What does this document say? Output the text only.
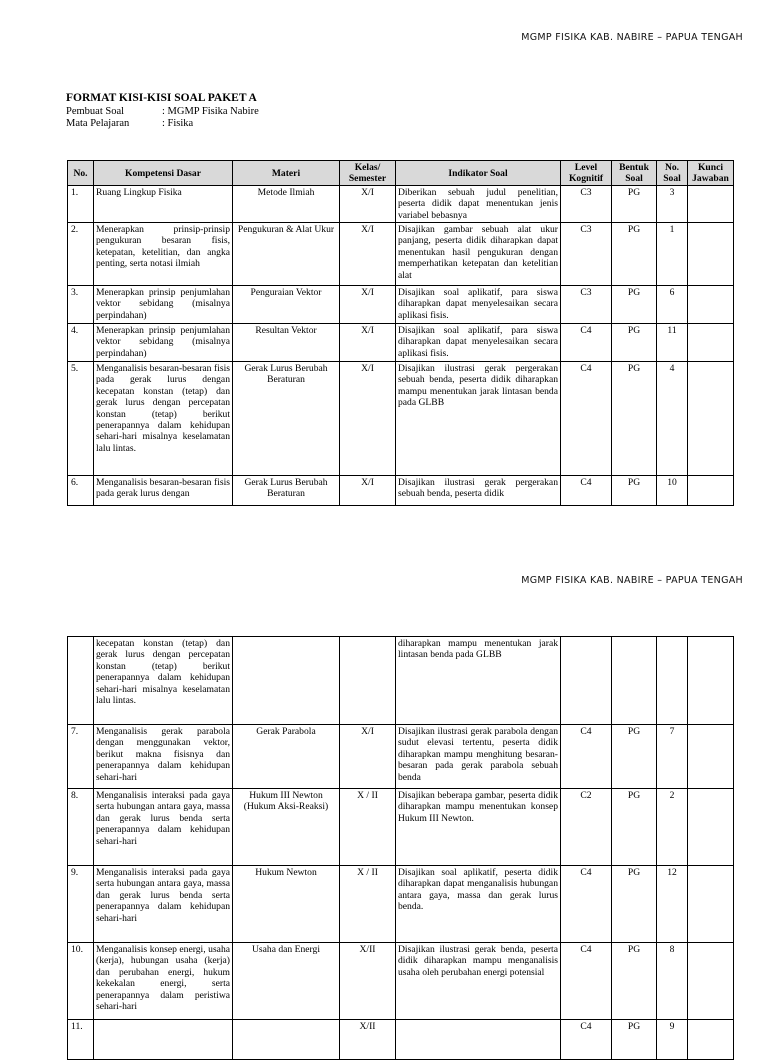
MGMP FISIKA KAB. NABIRE – PAPUA TENGAH
FORMAT KISI-KISI SOAL PAKET A
Pembuat Soal	: MGMP Fisika Nabire
Mata Pelajaran	: Fisika
No.	Kompetensi Dasar	Materi	Kelas/ Semester	Indikator Soal	Level Kognitif	Bentuk Soal	No. Soal	Kunci Jawaban
1.	Ruang Lingkup Fisika	Metode Ilmiah	X/I	Diberikan sebuah judul penelitian, peserta didik dapat menentukan jenis variabel bebasnya	C3	PG	3	
2.	Menerapkan prinsip-prinsip pengukuran besaran fisis, ketepatan, ketelitian, dan angka penting, serta notasi ilmiah	Pengukuran & Alat Ukur	X/I	Disajikan gambar sebuah alat ukur panjang, peserta didik diharapkan dapat menentukan hasil pengukuran dengan memperhatikan ketepatan dan ketelitian alat	C3	PG	1	
3.	Menerapkan prinsip penjumlahan vektor sebidang (misalnya perpindahan)	Penguraian Vektor	X/I	Disajikan soal aplikatif, para siswa diharapkan dapat menyelesaikan secara aplikasi fisis.	C3	PG	6	
4.	Menerapkan prinsip penjumlahan vektor sebidang (misalnya perpindahan)	Resultan Vektor	X/I	Disajikan soal aplikatif, para siswa diharapkan dapat menyelesaikan secara aplikasi fisis.	C4	PG	11	
5.	Menganalisis besaran-besaran fisis pada gerak lurus dengan kecepatan konstan (tetap) dan gerak lurus dengan percepatan konstan (tetap) berikut penerapannya dalam kehidupan sehari-hari misalnya keselamatan lalu lintas.	Gerak Lurus Berubah Beraturan	X/I	Disajikan ilustrasi gerak pergerakan sebuah benda, peserta didik diharapkan mampu menentukan jarak lintasan benda pada GLBB	C4	PG	4	
6.	Menganalisis besaran-besaran fisis pada gerak lurus dengan	Gerak Lurus Berubah Beraturan	X/I	Disajikan ilustrasi gerak pergerakan sebuah benda, peserta didik	C4	PG	10	
MGMP FISIKA KAB. NABIRE – PAPUA TENGAH
	kecepatan konstan (tetap) dan gerak lurus dengan percepatan konstan (tetap) berikut penerapannya dalam kehidupan sehari-hari misalnya keselamatan lalu lintas.			diharapkan mampu menentukan jarak lintasan benda pada GLBB				
7.	Menganalisis gerak parabola dengan menggunakan vektor, berikut makna fisisnya dan penerapannya dalam kehidupan sehari-hari	Gerak Parabola	X/I	Disajikan ilustrasi gerak parabola dengan sudut elevasi tertentu, peserta didik diharapkan mampu menghitung besaran-besaran pada gerak parabola sebuah benda	C4	PG	7	
8.	Menganalisis interaksi pada gaya serta hubungan antara gaya, massa dan gerak lurus benda serta penerapannya dalam kehidupan sehari-hari	Hukum III Newton (Hukum Aksi-Reaksi)	X / II	Disajikan beberapa gambar, peserta didik diharapkan mampu menentukan konsep Hukum III Newton.	C2	PG	2	
9.	Menganalisis interaksi pada gaya serta hubungan antara gaya, massa dan gerak lurus benda serta penerapannya dalam kehidupan sehari-hari	Hukum Newton	X / II	Disajikan soal aplikatif, peserta didik diharapkan dapat menganalisis hubungan antara gaya, massa dan gerak lurus benda.	C4	PG	12	
10.	Menganalisis konsep energi, usaha (kerja), hubungan usaha (kerja) dan perubahan energi, hukum kekekalan energi, serta penerapannya dalam peristiwa sehari-hari	Usaha dan Energi	X/II	Disajikan ilustrasi gerak benda, peserta didik diharapkan mampu menganalisis usaha oleh perubahan energi potensial	C4	PG	8	
11.			X/II		C4	PG	9	
